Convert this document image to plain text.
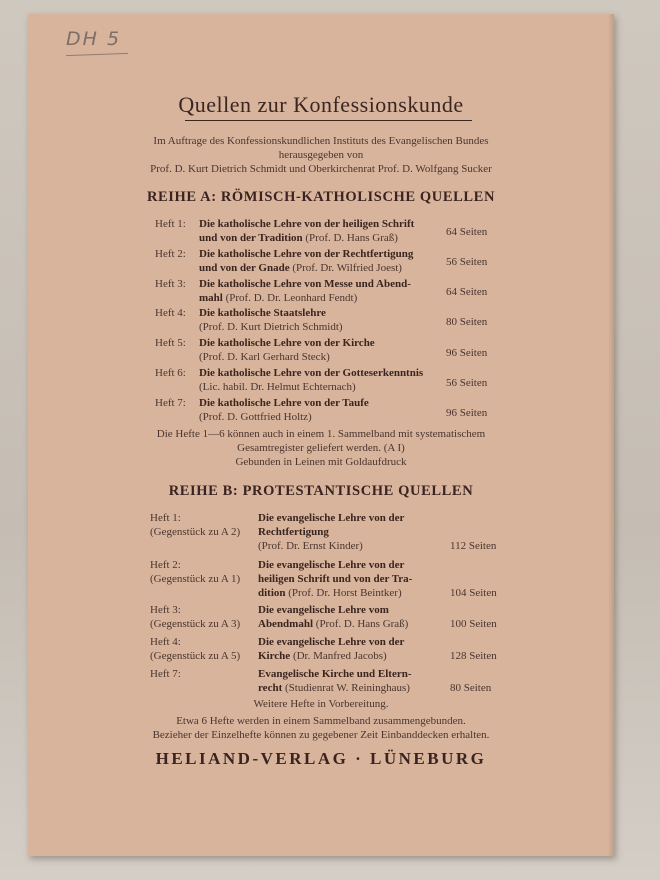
DH 5
Quellen zur Konfessionskunde
Im Auftrage des Konfessionskundlichen Instituts des Evangelischen Bundes
herausgegeben von
Prof. D. Kurt Dietrich Schmidt und Oberkirchenrat Prof. D. Wolfgang Sucker
REIHE A: RÖMISCH-KATHOLISCHE QUELLEN
Heft 1: Die katholische Lehre von der heiligen Schrift
und von der Tradition (Prof. D. Hans Graß)	64 Seiten
Heft 2: Die katholische Lehre von der Rechtfertigung
und von der Gnade (Prof. Dr. Wilfried Joest)	56 Seiten
Heft 3: Die katholische Lehre von Messe und Abend-
mahl (Prof. D. Dr. Leonhard Fendt)	64 Seiten
Heft 4: Die katholische Staatslehre
(Prof. D. Kurt Dietrich Schmidt)	80 Seiten
Heft 5: Die katholische Lehre von der Kirche
(Prof. D. Karl Gerhard Steck)	96 Seiten
Heft 6: Die katholische Lehre von der Gotteserkenntnis
(Lic. habil. Dr. Helmut Echternach)	56 Seiten
Heft 7: Die katholische Lehre von der Taufe
(Prof. D. Gottfried Holtz)	96 Seiten
Die Hefte 1—6 können auch in einem 1. Sammelband mit systematischem
Gesamtregister geliefert werden. (A I)
Gebunden in Leinen mit Goldaufdruck
REIHE B: PROTESTANTISCHE QUELLEN
Heft 1:
(Gegenstück zu A 2)
Die evangelische Lehre von der
Rechtfertigung
(Prof. Dr. Ernst Kinder)	112 Seiten
Heft 2:
(Gegenstück zu A 1)
Die evangelische Lehre von der
heiligen Schrift und von der Tra-
dition (Prof. Dr. Horst Beintker)	104 Seiten
Heft 3:
(Gegenstück zu A 3)
Die evangelische Lehre vom
Abendmahl (Prof. D. Hans Graß)	100 Seiten
Heft 4:
(Gegenstück zu A 5)
Die evangelische Lehre von der
Kirche (Dr. Manfred Jacobs)	128 Seiten
Heft 7:	Evangelische Kirche und Eltern-
recht (Studienrat W. Reininghaus)	80 Seiten
Weitere Hefte in Vorbereitung.
Etwa 6 Hefte werden in einem Sammelband zusammengebunden.
Bezieher der Einzelhefte können zu gegebener Zeit Einbanddecken erhalten.
HELIAND-VERLAG · LÜNEBURG
